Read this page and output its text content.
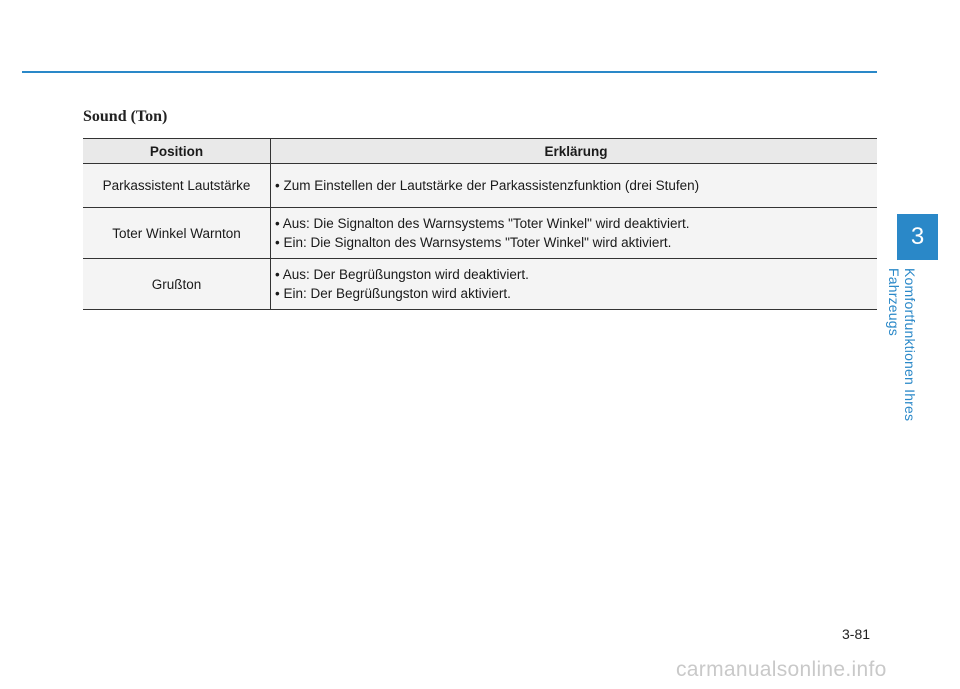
Sound (Ton)
Position	Erklärung
Parkassistent Lautstärke	• Zum Einstellen der Lautstärke der Parkassistenzfunktion (drei Stufen)

Toter Winkel Warnton	• Aus: Die Signalton des Warnsystems "Toter Winkel" wird deaktiviert.
• Ein: Die Signalton des Warnsystems "Toter Winkel" wird aktiviert.

Grußton	• Aus: Der Begrüßungston wird deaktiviert.
• Ein: Der Begrüßungston wird aktiviert.
3
Komfortfunktionen Ihres Fahrzeugs
3-81
carmanualsonline.info
